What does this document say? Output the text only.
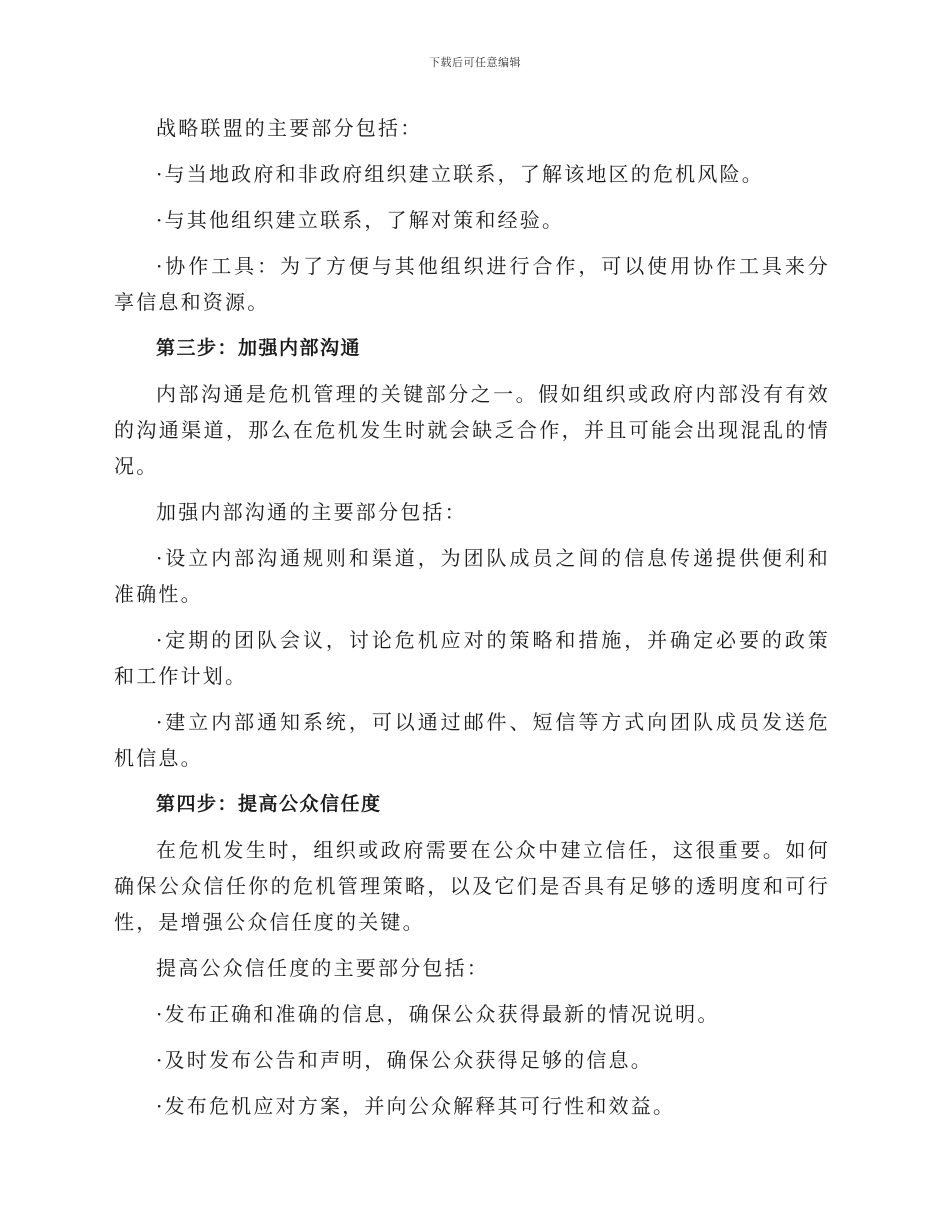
下载后可任意编辑

战略联盟的主要部分包括：

·与当地政府和非政府组织建立联系，了解该地区的危机风险。

·与其他组织建立联系，了解对策和经验。

·协作工具：为了方便与其他组织进行合作，可以使用协作工具来分享信息和资源。

第三步：加强内部沟通

内部沟通是危机管理的关键部分之一。假如组织或政府内部没有有效的沟通渠道，那么在危机发生时就会缺乏合作，并且可能会出现混乱的情况。

加强内部沟通的主要部分包括：

·设立内部沟通规则和渠道，为团队成员之间的信息传递提供便利和准确性。

·定期的团队会议，讨论危机应对的策略和措施，并确定必要的政策和工作计划。

·建立内部通知系统，可以通过邮件、短信等方式向团队成员发送危机信息。

第四步：提高公众信任度

在危机发生时，组织或政府需要在公众中建立信任，这很重要。如何确保公众信任你的危机管理策略，以及它们是否具有足够的透明度和可行性，是增强公众信任度的关键。

提高公众信任度的主要部分包括：

·发布正确和准确的信息，确保公众获得最新的情况说明。

·及时发布公告和声明，确保公众获得足够的信息。

·发布危机应对方案，并向公众解释其可行性和效益。
